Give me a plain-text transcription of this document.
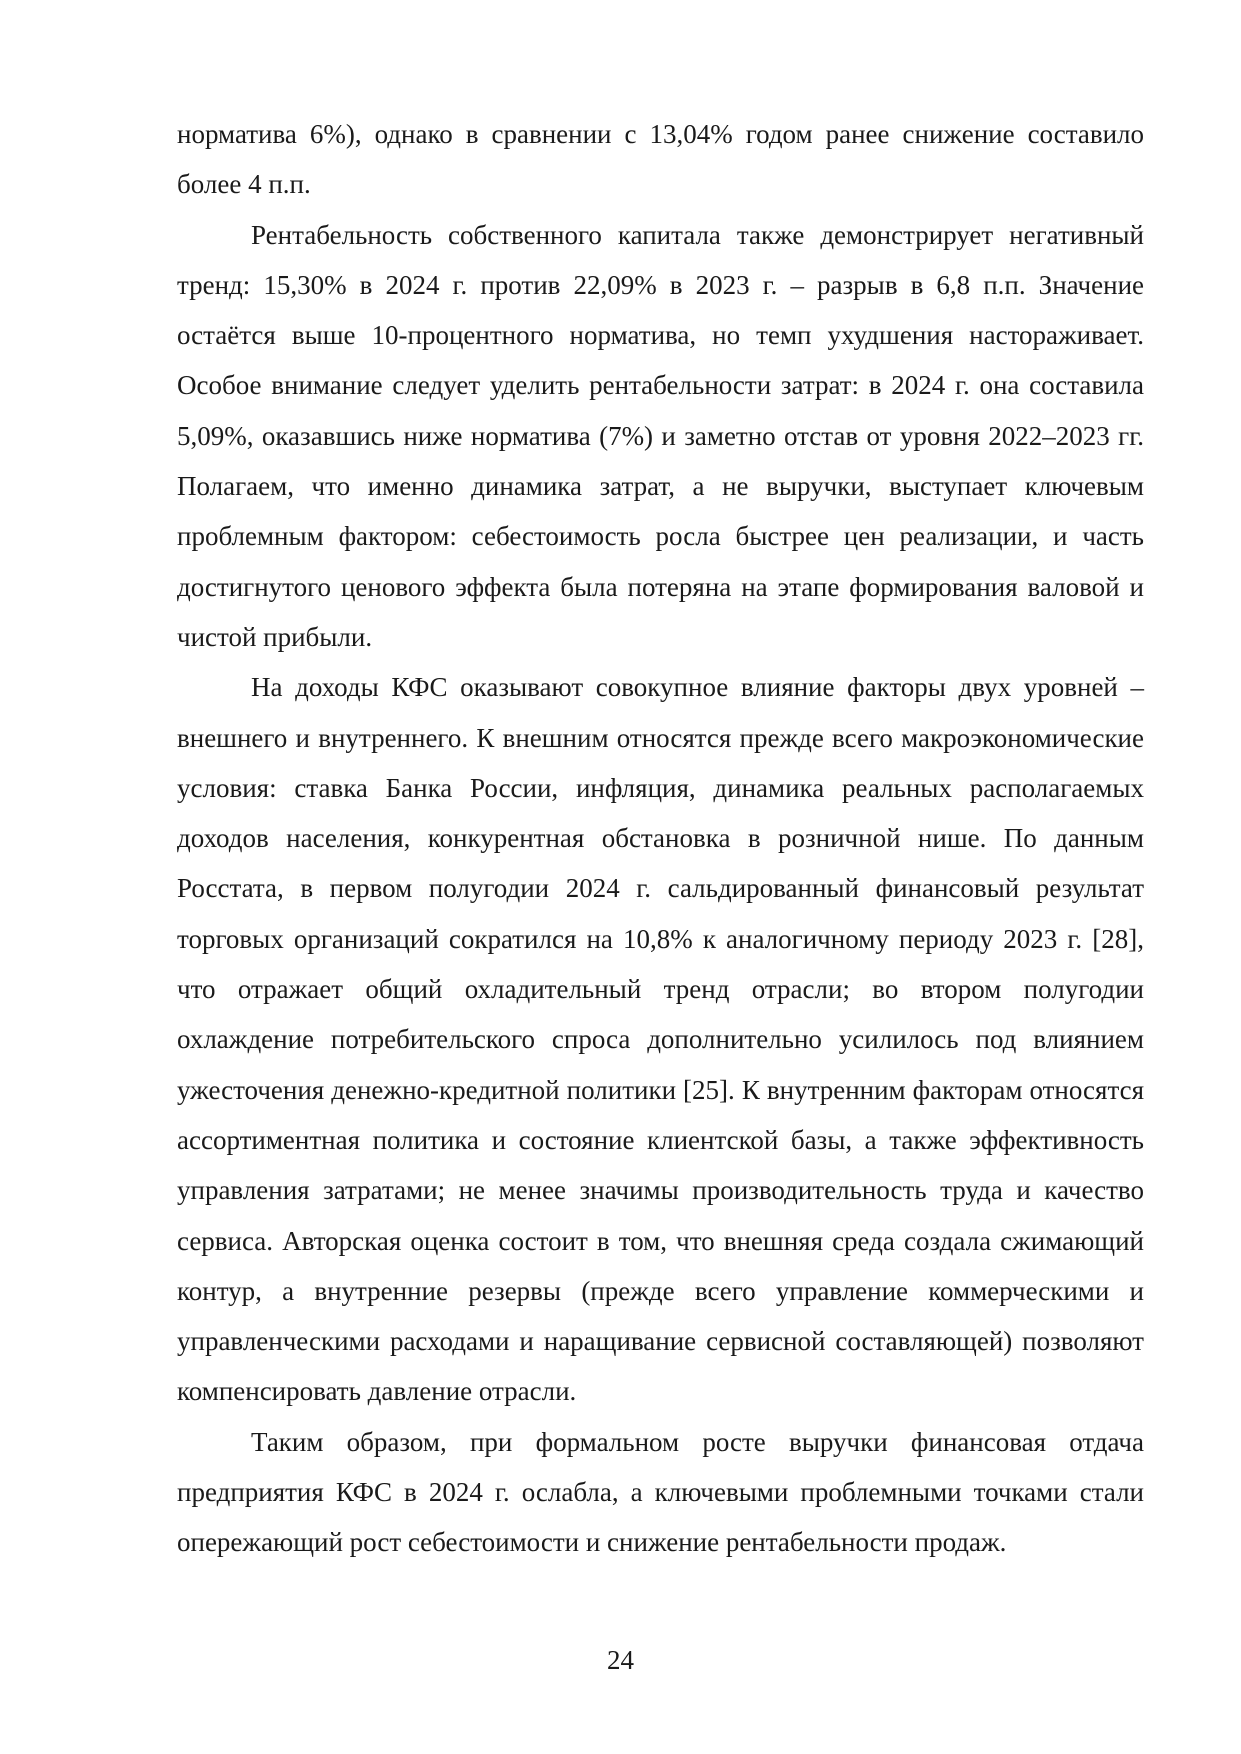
норматива 6%), однако в сравнении с 13,04% годом ранее снижение составило более 4 п.п.

Рентабельность собственного капитала также демонстрирует негативный тренд: 15,30% в 2024 г. против 22,09% в 2023 г. – разрыв в 6,8 п.п. Значение остаётся выше 10-процентного норматива, но темп ухудшения настораживает. Особое внимание следует уделить рентабельности затрат: в 2024 г. она составила 5,09%, оказавшись ниже норматива (7%) и заметно отстав от уровня 2022–2023 гг. Полагаем, что именно динамика затрат, а не выручки, выступает ключевым проблемным фактором: себестоимость росла быстрее цен реализации, и часть достигнутого ценового эффекта была потеряна на этапе формирования валовой и чистой прибыли.

На доходы КФС оказывают совокупное влияние факторы двух уровней – внешнего и внутреннего. К внешним относятся прежде всего макроэкономические условия: ставка Банка России, инфляция, динамика реальных располагаемых доходов населения, конкурентная обстановка в розничной нише. По данным Росстата, в первом полугодии 2024 г. сальдированный финансовый результат торговых организаций сократился на 10,8% к аналогичному периоду 2023 г. [28], что отражает общий охладительный тренд отрасли; во втором полугодии охлаждение потребительского спроса дополнительно усилилось под влиянием ужесточения денежно-кредитной политики [25]. К внутренним факторам относятся ассортиментная политика и состояние клиентской базы, а также эффективность управления затратами; не менее значимы производительность труда и качество сервиса. Авторская оценка состоит в том, что внешняя среда создала сжимающий контур, а внутренние резервы (прежде всего управление коммерческими и управленческими расходами и наращивание сервисной составляющей) позволяют компенсировать давление отрасли.

Таким образом, при формальном росте выручки финансовая отдача предприятия КФС в 2024 г. ослабла, а ключевыми проблемными точками стали опережающий рост себестоимости и снижение рентабельности продаж.

24
